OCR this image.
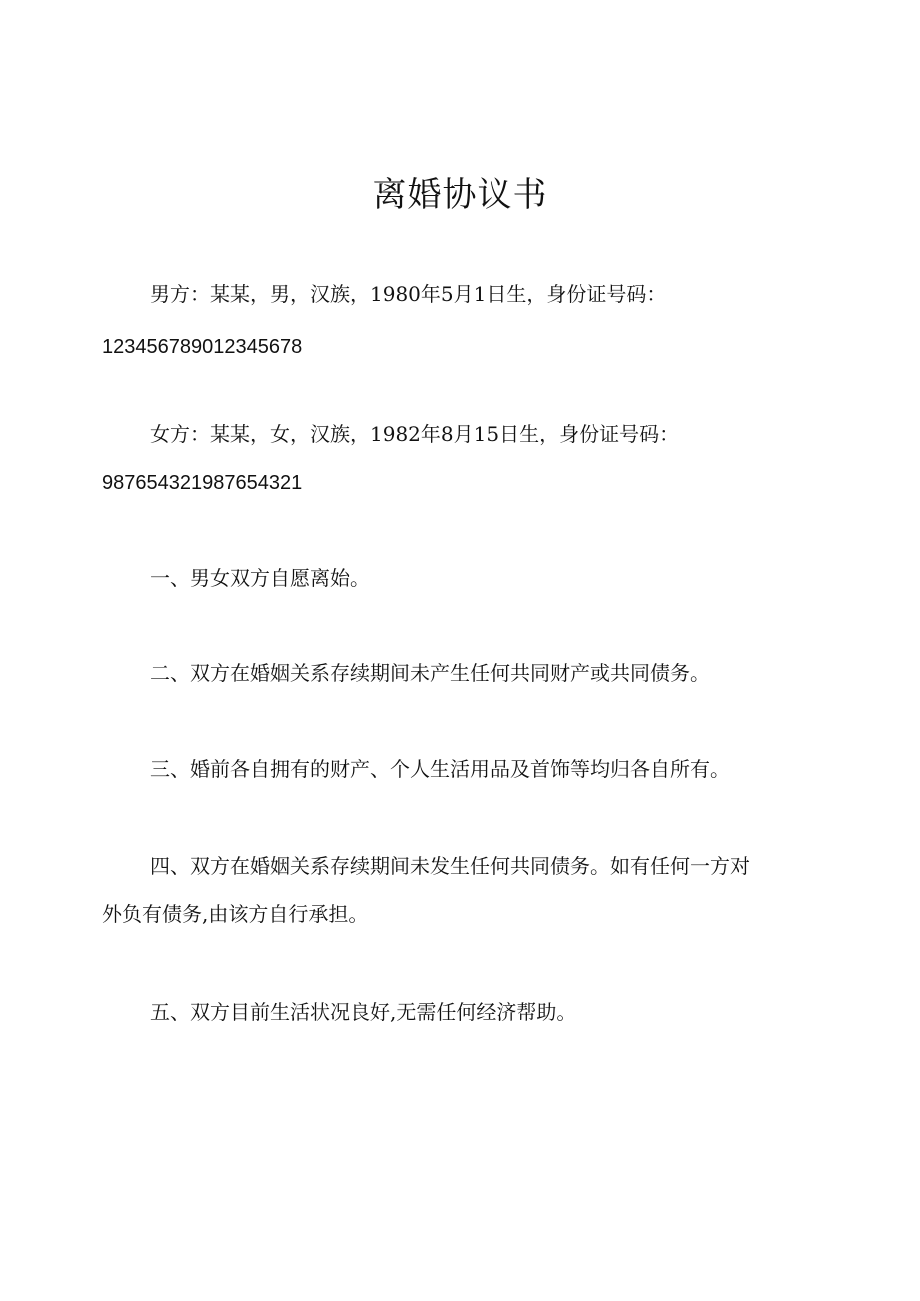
离婚协议书
男方：某某，男，汉族，1980年5月1日生，身份证号码：
123456789012345678
女方：某某，女，汉族，1982年8月15日生，身份证号码：
987654321987654321
一、男女双方自愿离始。
二、双方在婚姻关系存续期间未产生任何共同财产或共同债务。
三、婚前各自拥有的财产、个人生活用品及首饰等均归各自所有。
四、双方在婚姻关系存续期间未发生任何共同债务。如有任何一方对
外负有债务,由该方自行承担。
五、双方目前生活状况良好,无需任何经济帮助。
